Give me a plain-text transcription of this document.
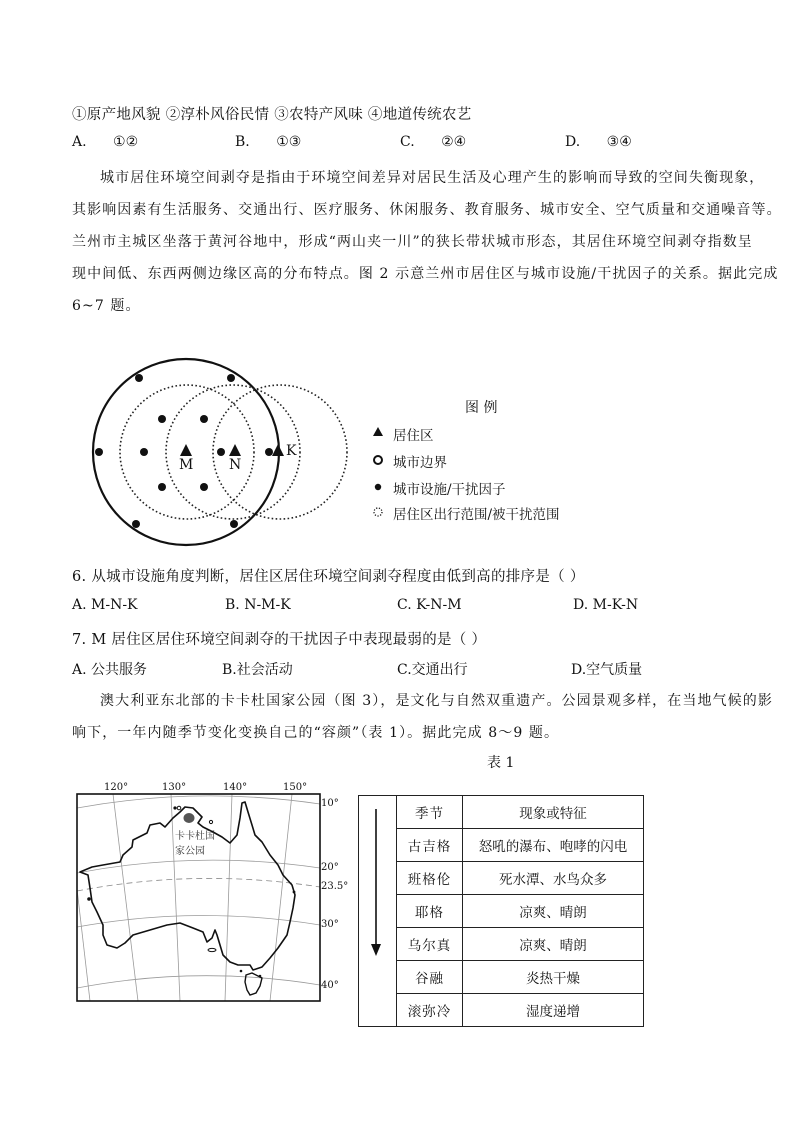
①原产地风貌 ②淳朴风俗民情 ③农特产风味 ④地道传统农艺
A. ①②	B. ①③	C. ②④	D. ③④
城市居住环境空间剥夺是指由于环境空间差异对居民生活及心理产生的影响而导致的空间失衡现象，
其影响因素有生活服务、交通出行、医疗服务、休闲服务、教育服务、城市安全、空气质量和交通噪音等。
兰州市主城区坐落于黄河谷地中，形成“两山夹一川”的狭长带状城市形态，其居住环境空间剥夺指数呈
现中间低、东西两侧边缘区高的分布特点。图 2 示意兰州市居住区与城市设施/干扰因子的关系。据此完成
6~7 题。
M	N
K
图 例
居住区
城市边界
城市设施/干扰因子
居住区出行范围/被干扰范围
6. 从城市设施角度判断，居住区居住环境空间剥夺程度由低到高的排序是（ ）
A. M-N-K	B. N-M-K	C. K-N-M	D. M-K-N
7. M 居住区居住环境空间剥夺的干扰因子中表现最弱的是（ ）
A. 公共服务	B.社会活动	C.交通出行	D.空气质量
澳大利亚东北部的卡卡杜国家公园（图 3），是文化与自然双重遗产。公园景观多样，在当地气候的影
响下，一年内随季节变化变换自己的“容颜”（表 1）。据此完成 8～9 题。
表 1
120°	130°	140°	150°
10°
20°
23.5°
30°
40°
卡卡杜国
家公园
	季节	现象或特征
	古吉格	怒吼的瀑布、咆哮的闪电
	班格伦	死水潭、水鸟众多
	耶格	凉爽、晴朗
	乌尔真	凉爽、晴朗
	谷融	炎热干燥
	滚弥冷	湿度递增
